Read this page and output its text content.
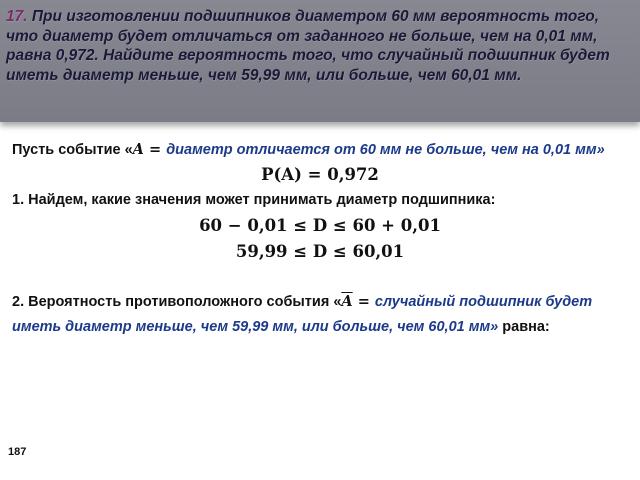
17. При изготовлении подшипников диаметром 60 мм вероятность того, что диаметр будет отличаться от заданного не больше, чем на 0,01 мм, равна 0,972. Найдите вероятность того, что случайный подшипник будет иметь диаметр меньше, чем 59,99 мм, или больше, чем 60,01 мм.

Пусть событие «A = диаметр отличается от 60 мм не больше, чем на 0,01 мм»
P(A) = 0,972
1. Найдем, какие значения может принимать диаметр подшипника:
60 − 0,01 ≤ D ≤ 60 + 0,01
59,99 ≤ D ≤ 60,01
2. Вероятность противоположного события «$\overline{A}$ = случайный подшипник будет
иметь диаметр меньше, чем 59,99 мм, или больше, чем 60,01 мм» равна:
187
